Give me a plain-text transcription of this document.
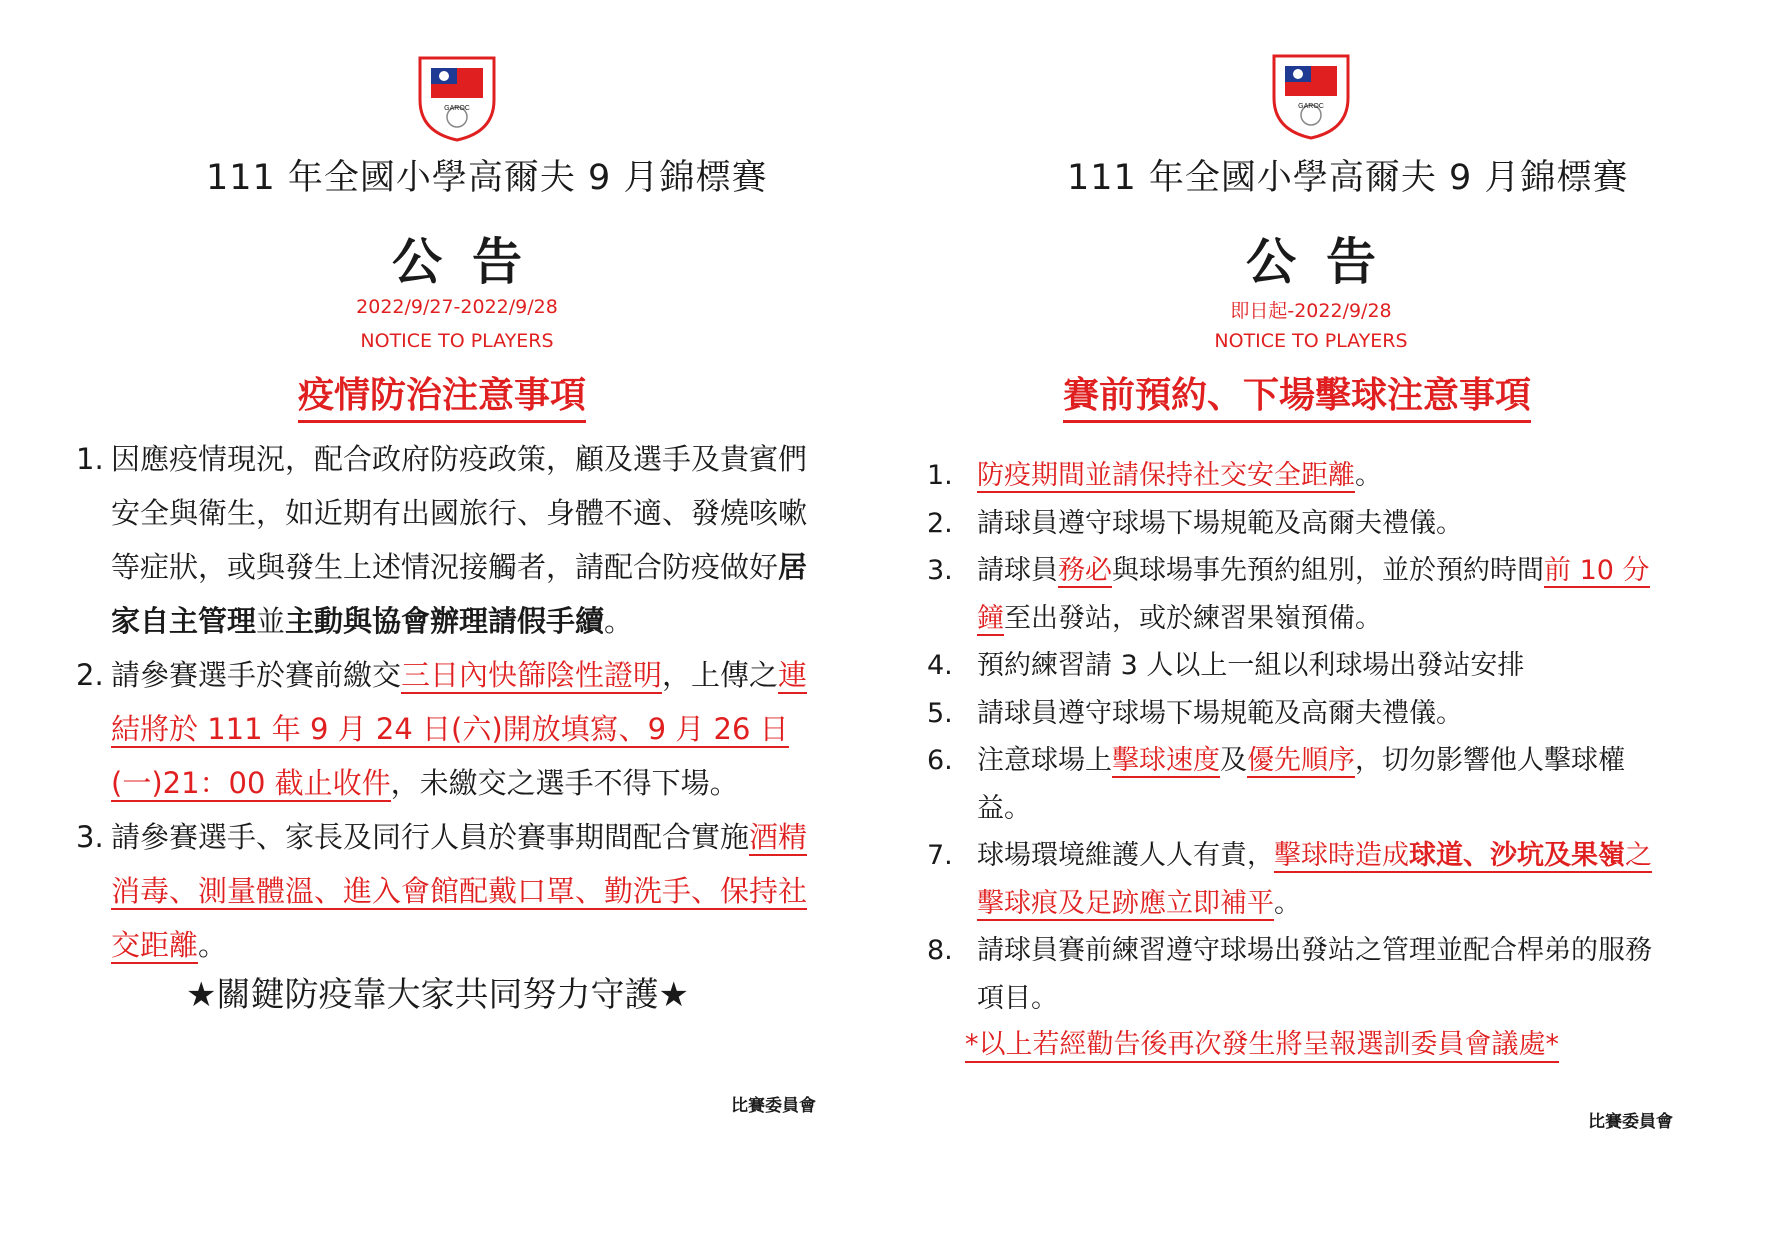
GAROC
111 年全國小學高爾夫 9 月錦標賽
公告
2022/9/27-2022/9/28
NOTICE TO PLAYERS
疫情防治注意事項
1. 因應疫情現況，配合政府防疫政策，顧及選手及貴賓們安全與衛生，如近期有出國旅行、身體不適、發燒咳嗽等症狀，或與發生上述情況接觸者，請配合防疫做好居家自主管理並主動與協會辦理請假手續。
2. 請參賽選手於賽前繳交三日內快篩陰性證明，上傳之連結將於 111 年 9 月 24 日(六)開放填寫、9 月 26 日(一)21：00 截止收件，未繳交之選手不得下場。
3. 請參賽選手、家長及同行人員於賽事期間配合實施酒精消毒、測量體溫、進入會館配戴口罩、勤洗手、保持社交距離。
★關鍵防疫靠大家共同努力守護★
比賽委員會
GAROC
111 年全國小學高爾夫 9 月錦標賽
公告
即日起-2022/9/28
NOTICE TO PLAYERS
賽前預約、下場擊球注意事項
1. 防疫期間並請保持社交安全距離。
2. 請球員遵守球場下場規範及高爾夫禮儀。
3. 請球員務必與球場事先預約組別，並於預約時間前 10 分鐘至出發站，或於練習果嶺預備。
4. 預約練習請 3 人以上一組以利球場出發站安排
5. 請球員遵守球場下場規範及高爾夫禮儀。
6. 注意球場上擊球速度及優先順序，切勿影響他人擊球權益。
7. 球場環境維護人人有責，擊球時造成球道、沙坑及果嶺之擊球痕及足跡應立即補平。
8. 請球員賽前練習遵守球場出發站之管理並配合桿弟的服務項目。
*以上若經勸告後再次發生將呈報選訓委員會議處*
比賽委員會
